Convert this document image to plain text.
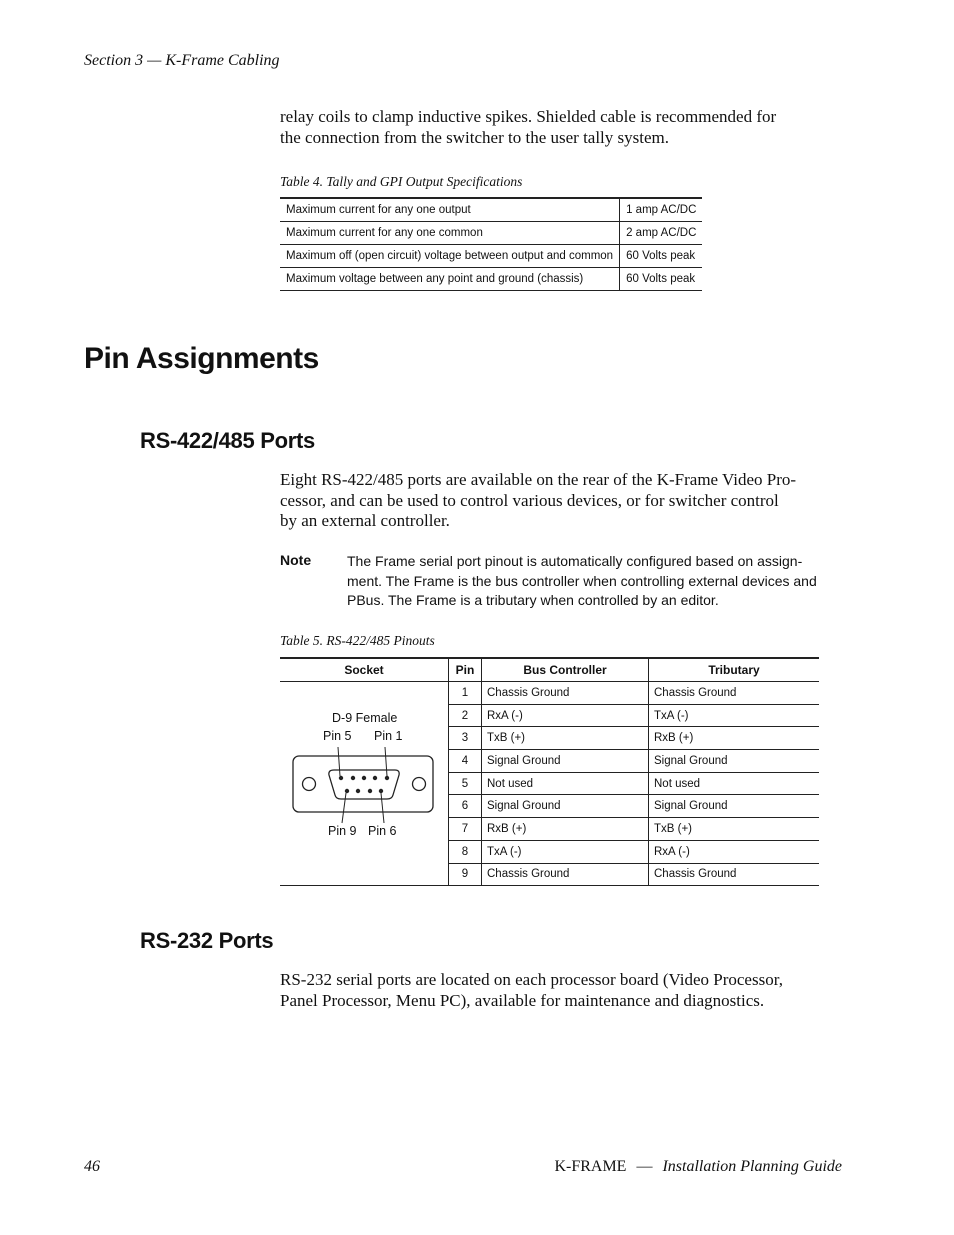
Section 3 — K-Frame Cabling
relay coils to clamp inductive spikes. Shielded cable is recommended for
the connection from the switcher to the user tally system.
Table 4. Tally and GPI Output Specifications
Maximum current for any one output	1 amp AC/DC
Maximum current for any one common	2 amp AC/DC
Maximum off (open circuit) voltage between output and common	60 Volts peak
Maximum voltage between any point and ground (chassis)	60 Volts peak
Pin Assignments
RS-422/485 Ports
Eight RS-422/485 ports are available on the rear of the K-Frame Video Pro-
cessor, and can be used to control various devices, or for switcher control
by an external controller.
Note	The Frame serial port pinout is automatically configured based on assign-
ment. The Frame is the bus controller when controlling external devices and
PBus. The Frame is a tributary when controlled by an editor.
Table 5. RS-422/485 Pinouts
Socket	Pin	Bus Controller	Tributary

D-9 Female
Pin 5 Pin 1
Pin 9 Pin 6	1	Chassis Ground	Chassis Ground
	2	RxA (-)	TxA (-)
	3	TxB (+)	RxB (+)
	4	Signal Ground	Signal Ground
	5	Not used	Not used
	6	Signal Ground	Signal Ground
	7	RxB (+)	TxB (+)
	8	TxA (-)	RxA (-)
	9	Chassis Ground	Chassis Ground
RS-232 Ports
RS-232 serial ports are located on each processor board (Video Processor,
Panel Processor, Menu PC), available for maintenance and diagnostics.
46	K-FRAME — Installation Planning Guide
